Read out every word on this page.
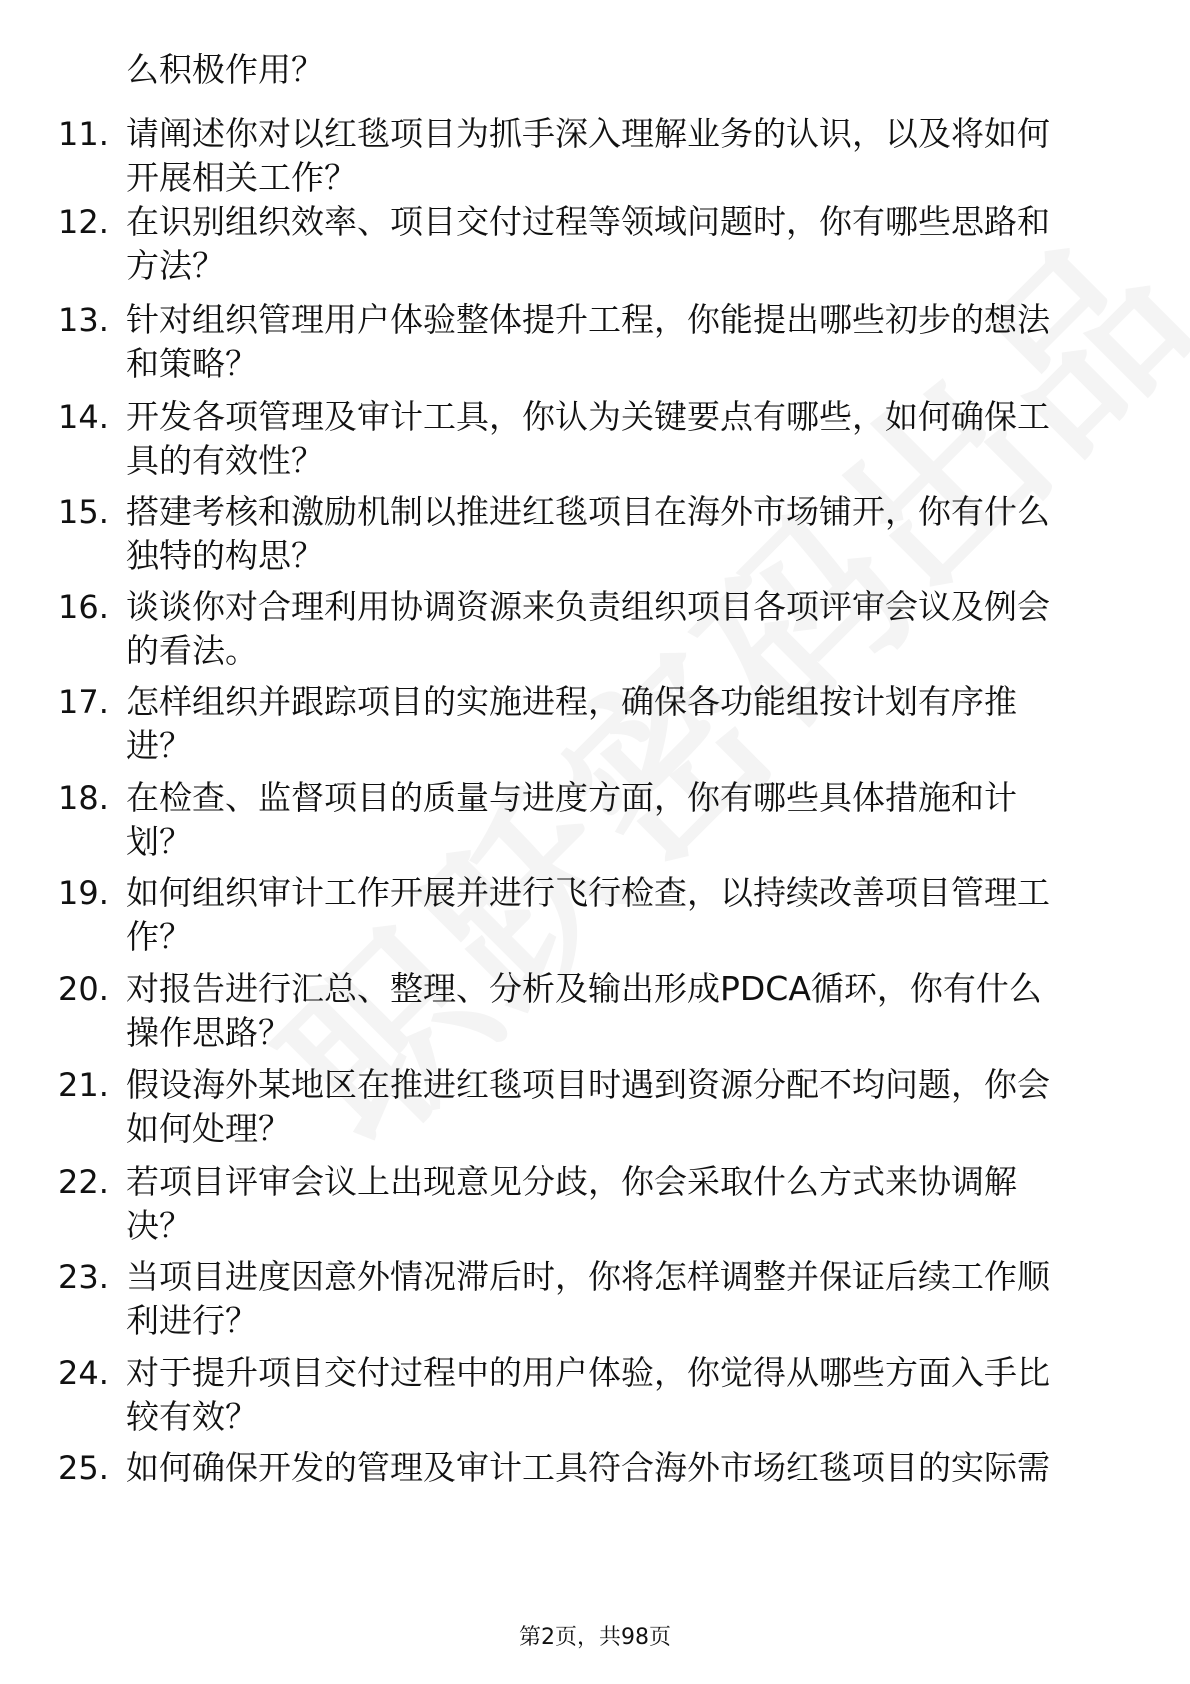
么积极作用？
11. 请阐述你对以红毯项目为抓手深入理解业务的认识，以及将如何
开展相关工作？
12. 在识别组织效率、项目交付过程等领域问题时，你有哪些思路和
方法？
13. 针对组织管理用户体验整体提升工程，你能提出哪些初步的想法
和策略？
14. 开发各项管理及审计工具，你认为关键要点有哪些，如何确保工
具的有效性？
15. 搭建考核和激励机制以推进红毯项目在海外市场铺开，你有什么
独特的构思？
16. 谈谈你对合理利用协调资源来负责组织项目各项评审会议及例会
的看法。
17. 怎样组织并跟踪项目的实施进程，确保各功能组按计划有序推
进？
18. 在检查、监督项目的质量与进度方面，你有哪些具体措施和计
划？
19. 如何组织审计工作开展并进行飞行检查，以持续改善项目管理工
作？
20. 对报告进行汇总、整理、分析及输出形成PDCA循环，你有什么
操作思路？
21. 假设海外某地区在推进红毯项目时遇到资源分配不均问题，你会
如何处理？
22. 若项目评审会议上出现意见分歧，你会采取什么方式来协调解
决？
23. 当项目进度因意外情况滞后时，你将怎样调整并保证后续工作顺
利进行？
24. 对于提升项目交付过程中的用户体验，你觉得从哪些方面入手比
较有效？
25. 如何确保开发的管理及审计工具符合海外市场红毯项目的实际需
第2页，共98页
